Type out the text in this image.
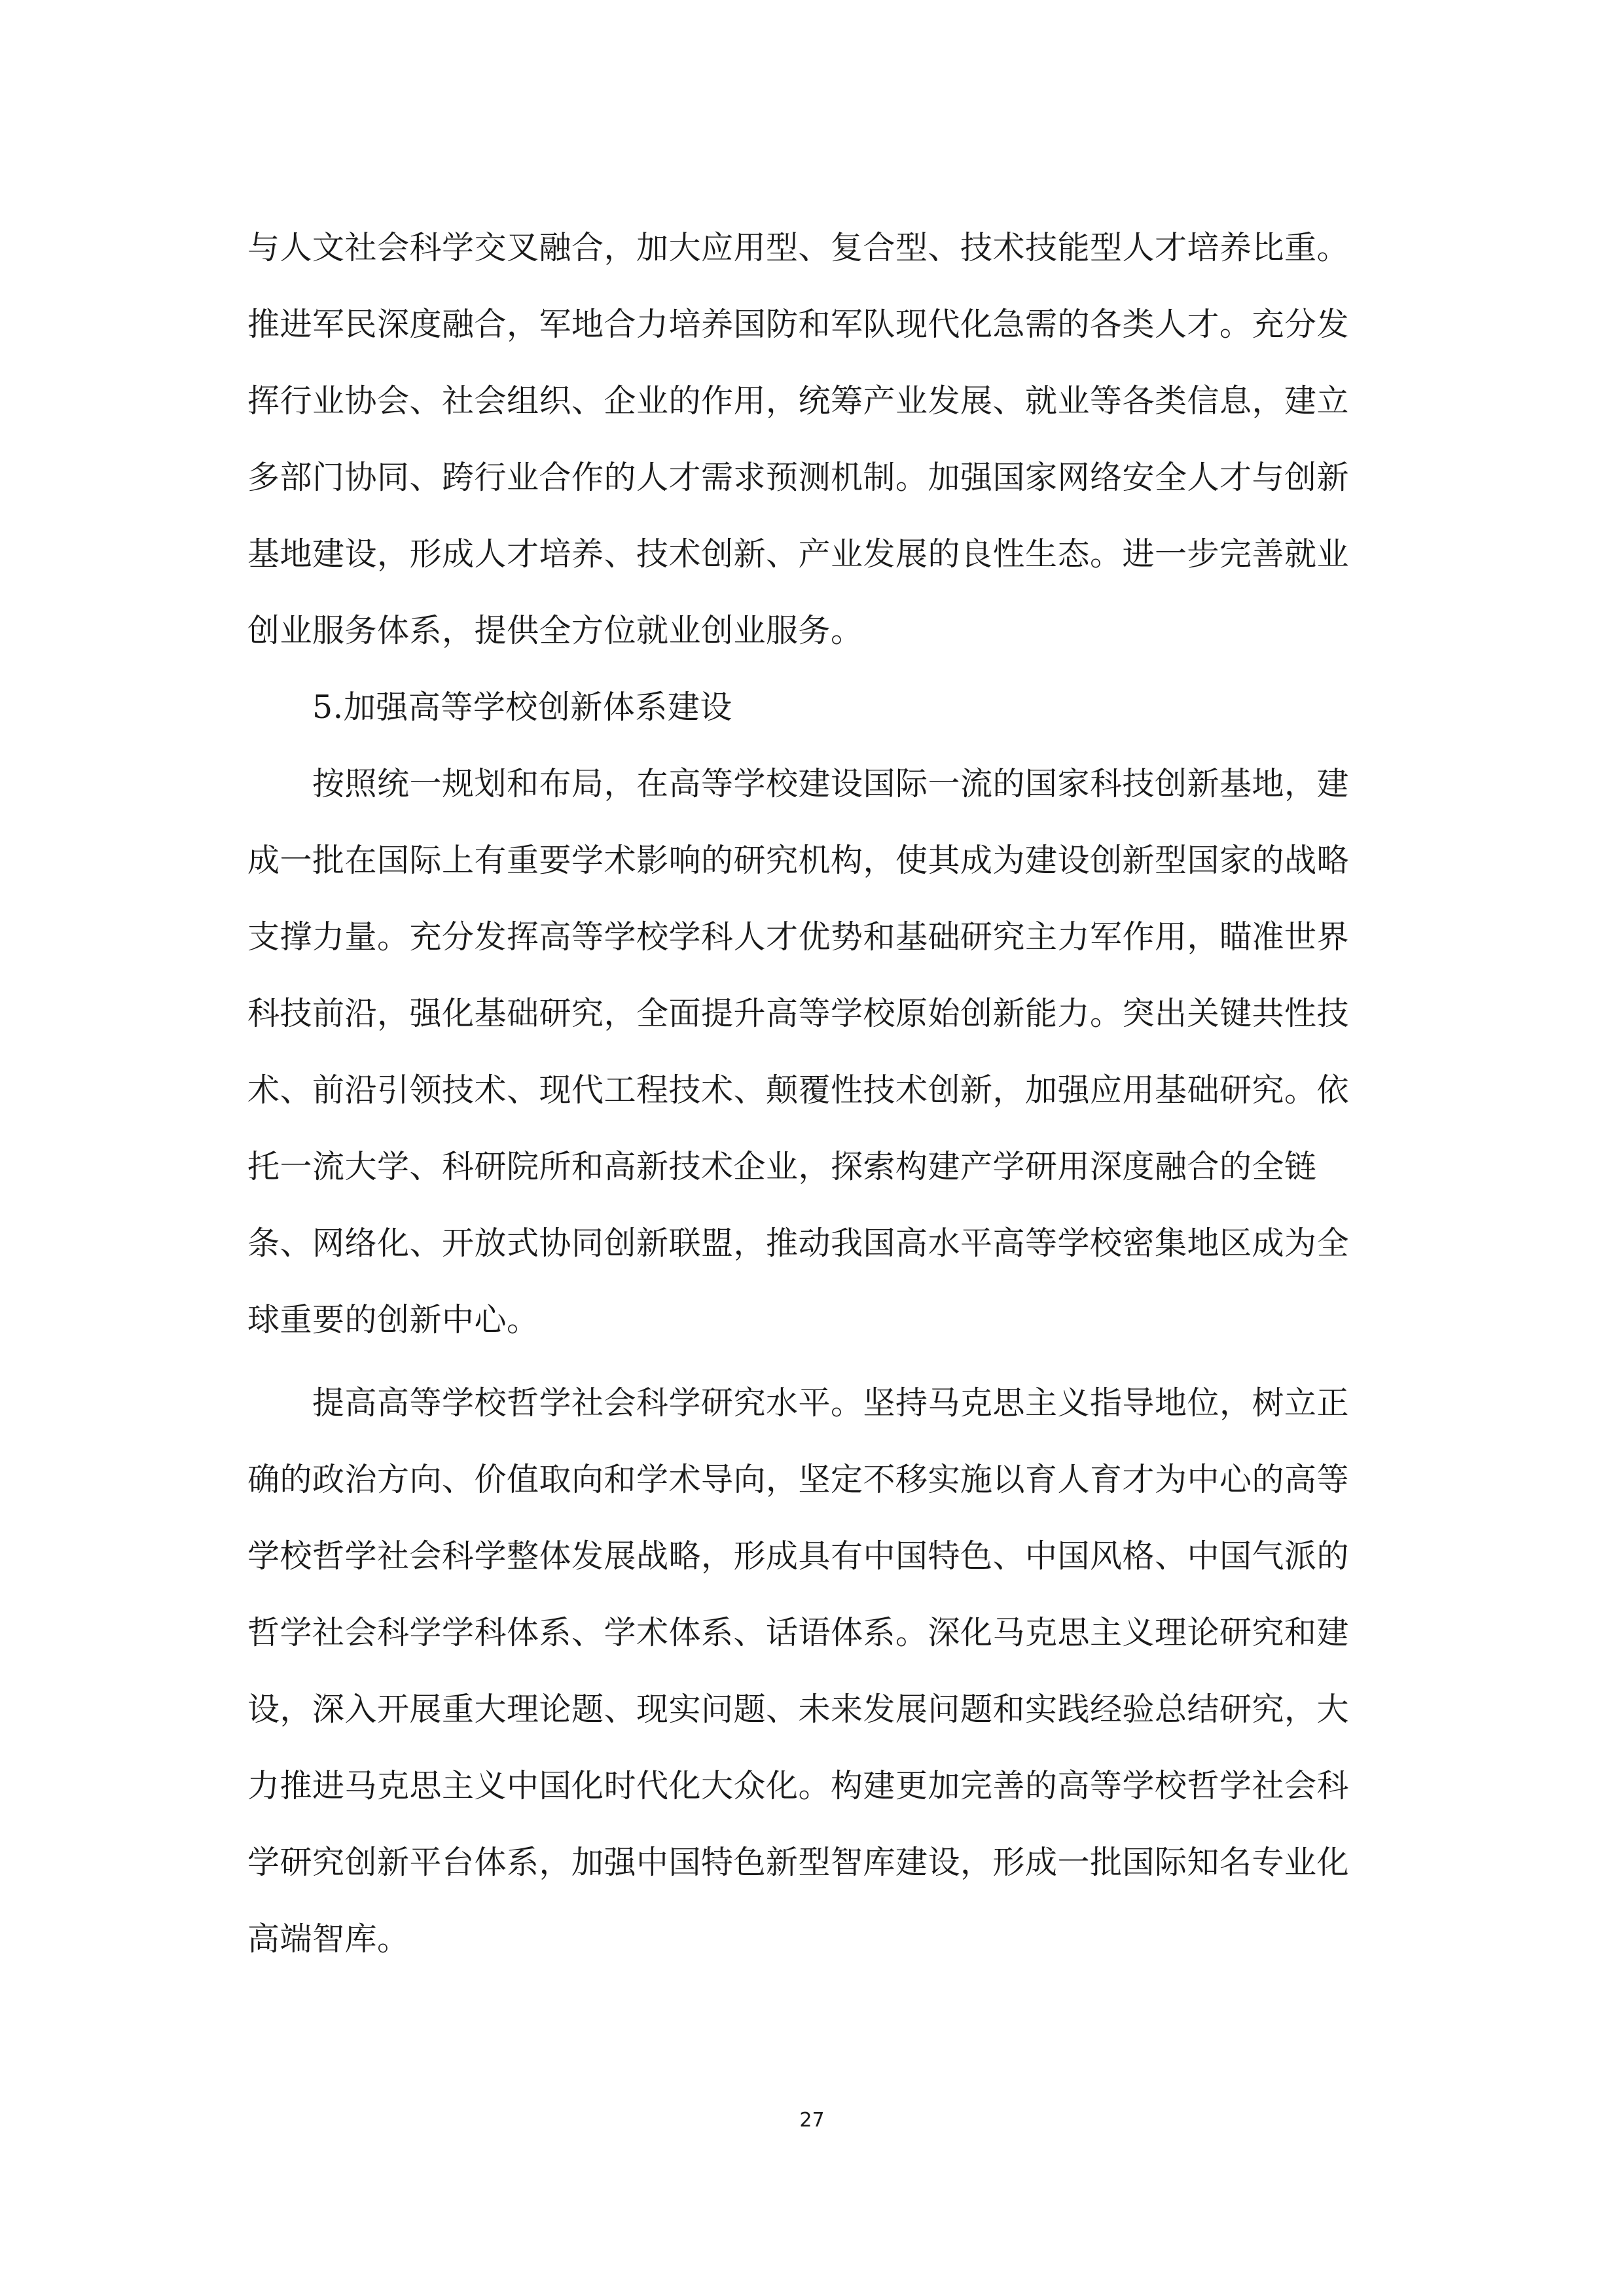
与人文社会科学交叉融合，加大应用型、复合型、技术技能型人才培养比重。
推进军民深度融合，军地合力培养国防和军队现代化急需的各类人才。充分发
挥行业协会、社会组织、企业的作用，统筹产业发展、就业等各类信息，建立
多部门协同、跨行业合作的人才需求预测机制。加强国家网络安全人才与创新
基地建设，形成人才培养、技术创新、产业发展的良性生态。进一步完善就业
创业服务体系，提供全方位就业创业服务。
5.加强高等学校创新体系建设
按照统一规划和布局，在高等学校建设国际一流的国家科技创新基地，建
成一批在国际上有重要学术影响的研究机构，使其成为建设创新型国家的战略
支撑力量。充分发挥高等学校学科人才优势和基础研究主力军作用，瞄准世界
科技前沿，强化基础研究，全面提升高等学校原始创新能力。突出关键共性技
术、前沿引领技术、现代工程技术、颠覆性技术创新，加强应用基础研究。依
托一流大学、科研院所和高新技术企业，探索构建产学研用深度融合的全链
条、网络化、开放式协同创新联盟，推动我国高水平高等学校密集地区成为全
球重要的创新中心。
提高高等学校哲学社会科学研究水平。坚持马克思主义指导地位，树立正
确的政治方向、价值取向和学术导向，坚定不移实施以育人育才为中心的高等
学校哲学社会科学整体发展战略，形成具有中国特色、中国风格、中国气派的
哲学社会科学学科体系、学术体系、话语体系。深化马克思主义理论研究和建
设，深入开展重大理论题、现实问题、未来发展问题和实践经验总结研究，大
力推进马克思主义中国化时代化大众化。构建更加完善的高等学校哲学社会科
学研究创新平台体系，加强中国特色新型智库建设，形成一批国际知名专业化
高端智库。
27
